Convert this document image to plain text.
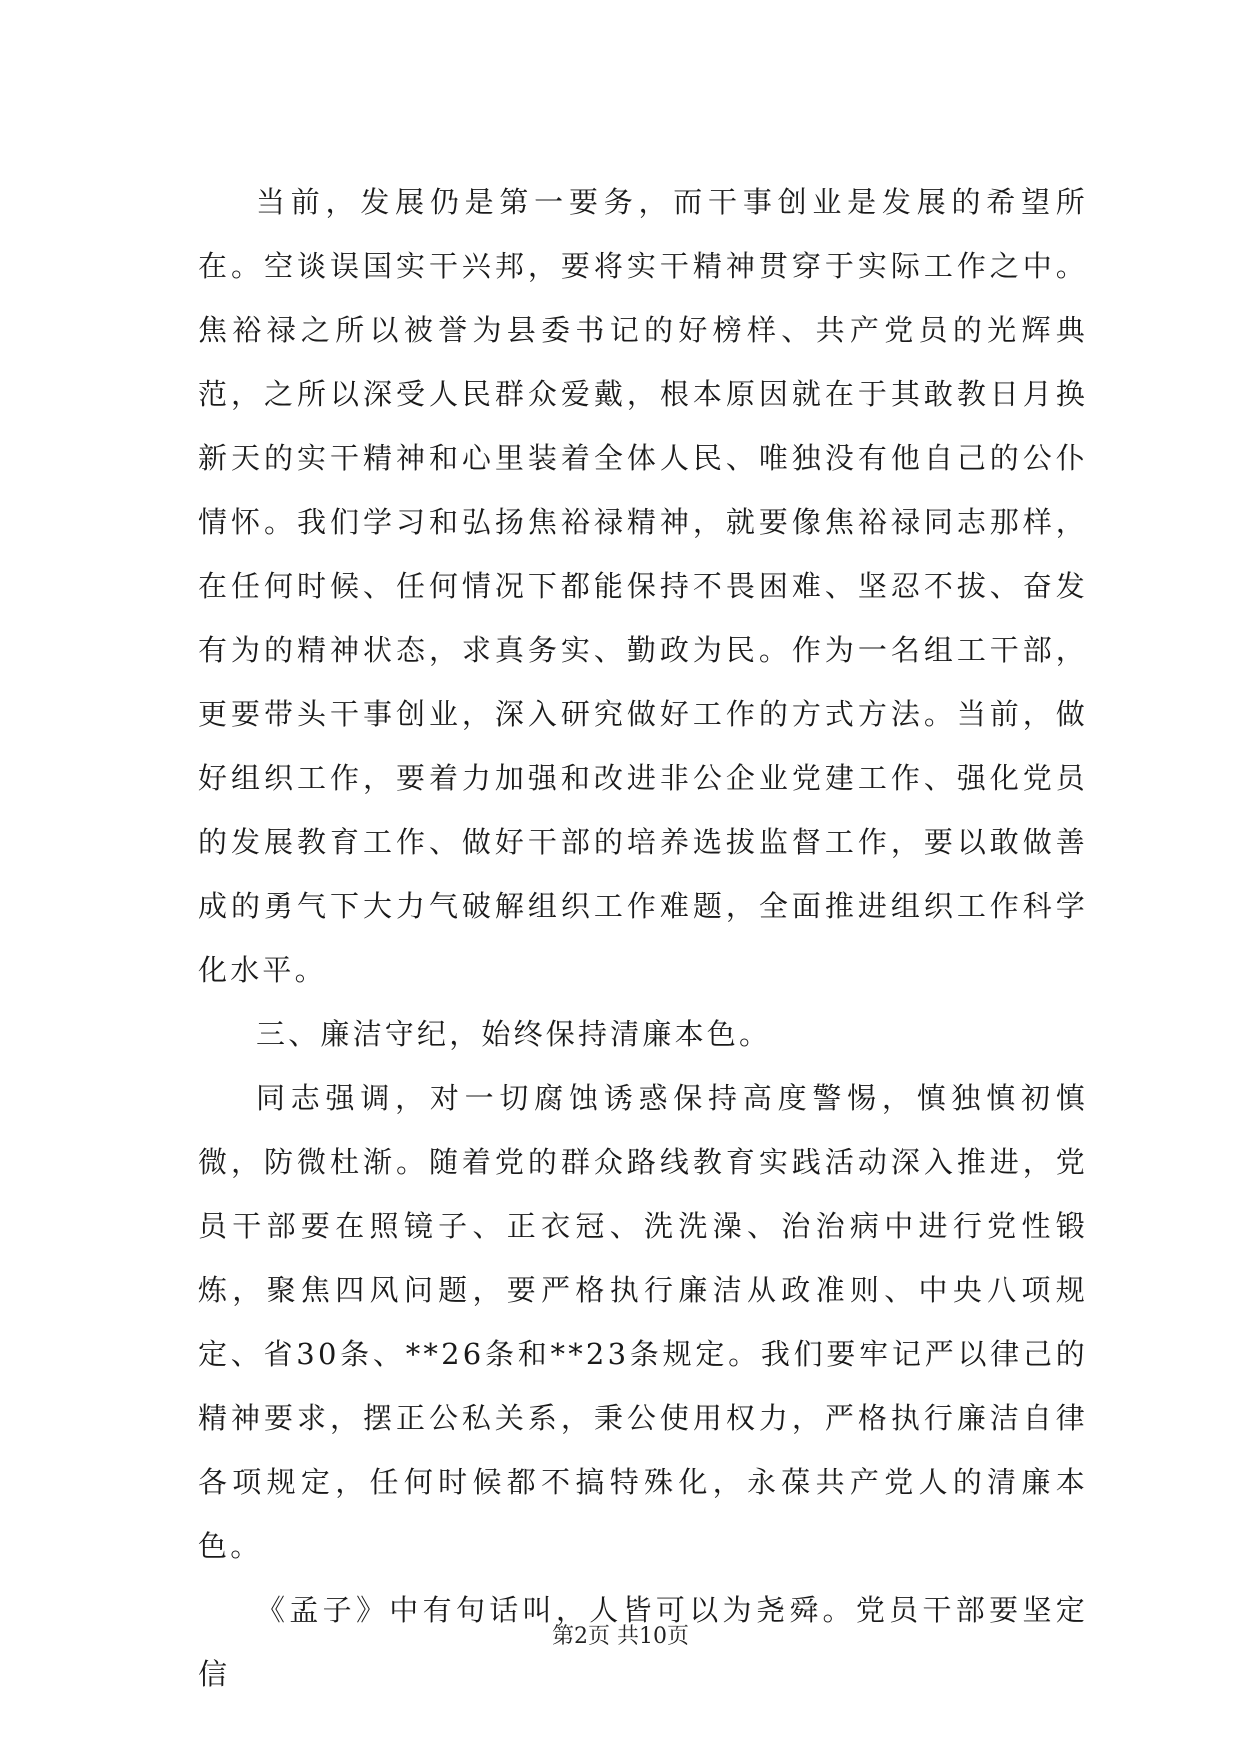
当前，发展仍是第一要务，而干事创业是发展的希望所在。空谈误国实干兴邦，要将实干精神贯穿于实际工作之中。焦裕禄之所以被誉为县委书记的好榜样、共产党员的光辉典范，之所以深受人民群众爱戴，根本原因就在于其敢教日月换新天的实干精神和心里装着全体人民、唯独没有他自己的公仆情怀。我们学习和弘扬焦裕禄精神，就要像焦裕禄同志那样，在任何时候、任何情况下都能保持不畏困难、坚忍不拔、奋发有为的精神状态，求真务实、勤政为民。作为一名组工干部，更要带头干事创业，深入研究做好工作的方式方法。当前，做好组织工作，要着力加强和改进非公企业党建工作、强化党员的发展教育工作、做好干部的培养选拔监督工作，要以敢做善成的勇气下大力气破解组织工作难题，全面推进组织工作科学化水平。

三、廉洁守纪，始终保持清廉本色。

同志强调，对一切腐蚀诱惑保持高度警惕，慎独慎初慎微，防微杜渐。随着党的群众路线教育实践活动深入推进，党员干部要在照镜子、正衣冠、洗洗澡、治治病中进行党性锻炼，聚焦四风问题，要严格执行廉洁从政准则、中央八项规定、省30条、**26条和**23条规定。我们要牢记严以律己的精神要求，摆正公私关系，秉公使用权力，严格执行廉洁自律各项规定，任何时候都不搞特殊化，永葆共产党人的清廉本色。

《孟子》中有句话叫，人皆可以为尧舜。党员干部要坚定信

第2页 共10页
